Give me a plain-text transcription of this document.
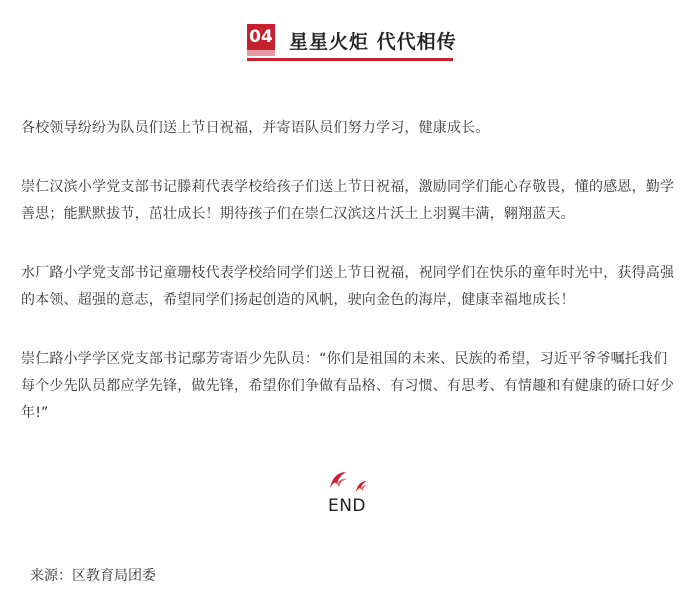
04 星星火炬 代代相传

各校领导纷纷为队员们送上节日祝福，并寄语队员们努力学习，健康成长。

崇仁汉滨小学党支部书记滕莉代表学校给孩子们送上节日祝福，激励同学们能心存敬畏，懂的感恩，勤学善思；能默默拔节，茁壮成长！期待孩子们在崇仁汉滨这片沃土上羽翼丰满，翱翔蓝天。

水厂路小学党支部书记童珊枝代表学校给同学们送上节日祝福，祝同学们在快乐的童年时光中，获得高强的本领、超强的意志，希望同学们扬起创造的风帆，驶向金色的海岸，健康幸福地成长！

崇仁路小学学区党支部书记鄢芳寄语少先队员：“你们是祖国的未来、民族的希望，习近平爷爷嘱托我们每个少先队员都应学先锋，做先锋，希望你们争做有品格、有习惯、有思考、有情趣和有健康的硚口好少年!”

END
来源：区教育局团委
